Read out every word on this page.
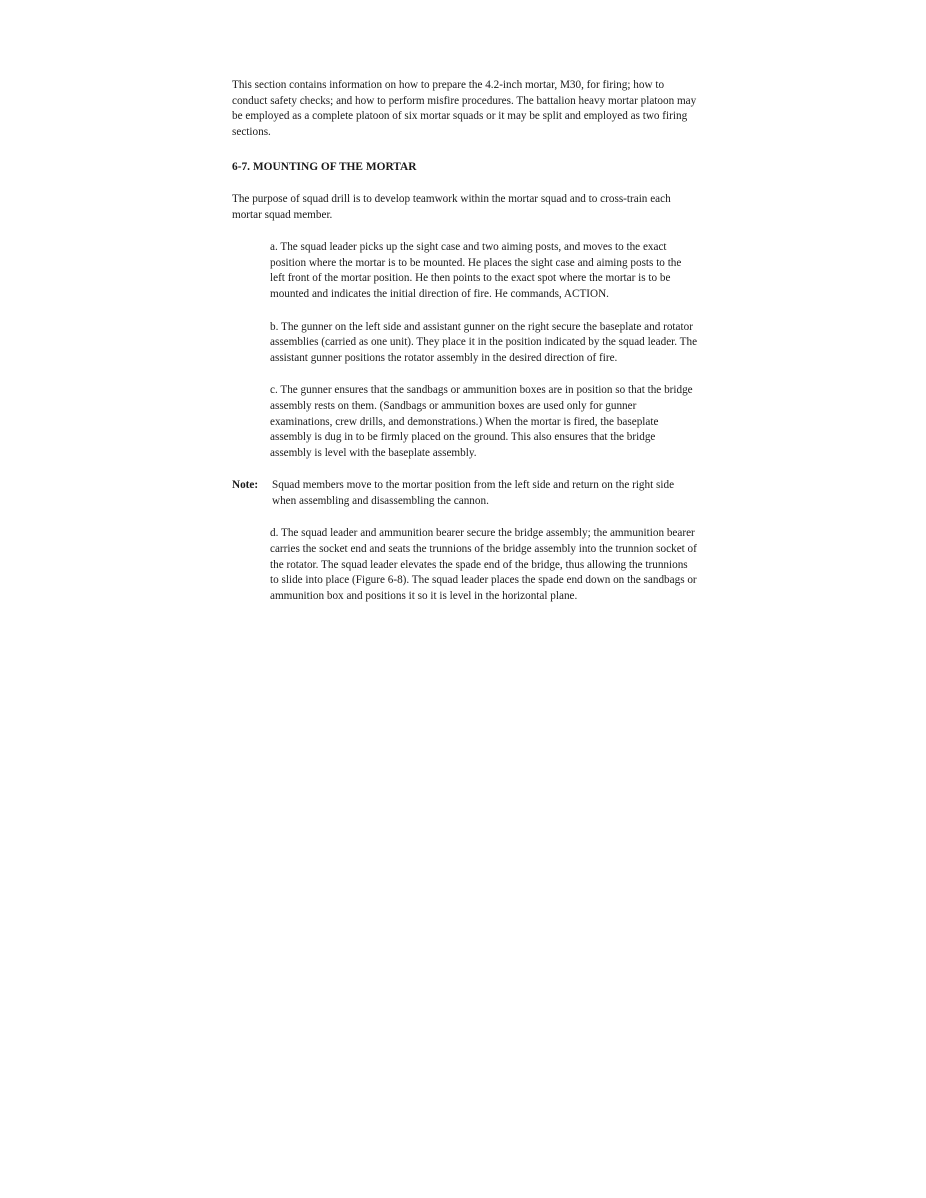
This section contains information on how to prepare the 4.2-inch mortar, M30, for firing; how to conduct safety checks; and how to perform misfire procedures. The battalion heavy mortar platoon may be employed as a complete platoon of six mortar squads or it may be split and employed as two firing sections.

6-7. MOUNTING OF THE MORTAR

The purpose of squad drill is to develop teamwork within the mortar squad and to cross-train each mortar squad member.

a. The squad leader picks up the sight case and two aiming posts, and moves to the exact position where the mortar is to be mounted. He places the sight case and aiming posts to the left front of the mortar position. He then points to the exact spot where the mortar is to be mounted and indicates the initial direction of fire. He commands, ACTION.

b. The gunner on the left side and assistant gunner on the right secure the baseplate and rotator assemblies (carried as one unit). They place it in the position indicated by the squad leader. The assistant gunner positions the rotator assembly in the desired direction of fire.

c. The gunner ensures that the sandbags or ammunition boxes are in position so that the bridge assembly rests on them. (Sandbags or ammunition boxes are used only for gunner examinations, crew drills, and demonstrations.) When the mortar is fired, the baseplate assembly is dug in to be firmly placed on the ground. This also ensures that the bridge assembly is level with the baseplate assembly.

Note:	Squad members move to the mortar position from the left side and return on the right side when assembling and disassembling the cannon.

d. The squad leader and ammunition bearer secure the bridge assembly; the ammunition bearer carries the socket end and seats the trunnions of the bridge assembly into the trunnion socket of the rotator. The squad leader elevates the spade end of the bridge, thus allowing the trunnions to slide into place (Figure 6-8). The squad leader places the spade end down on the sandbags or ammunition box and positions it so it is level in the horizontal plane.
